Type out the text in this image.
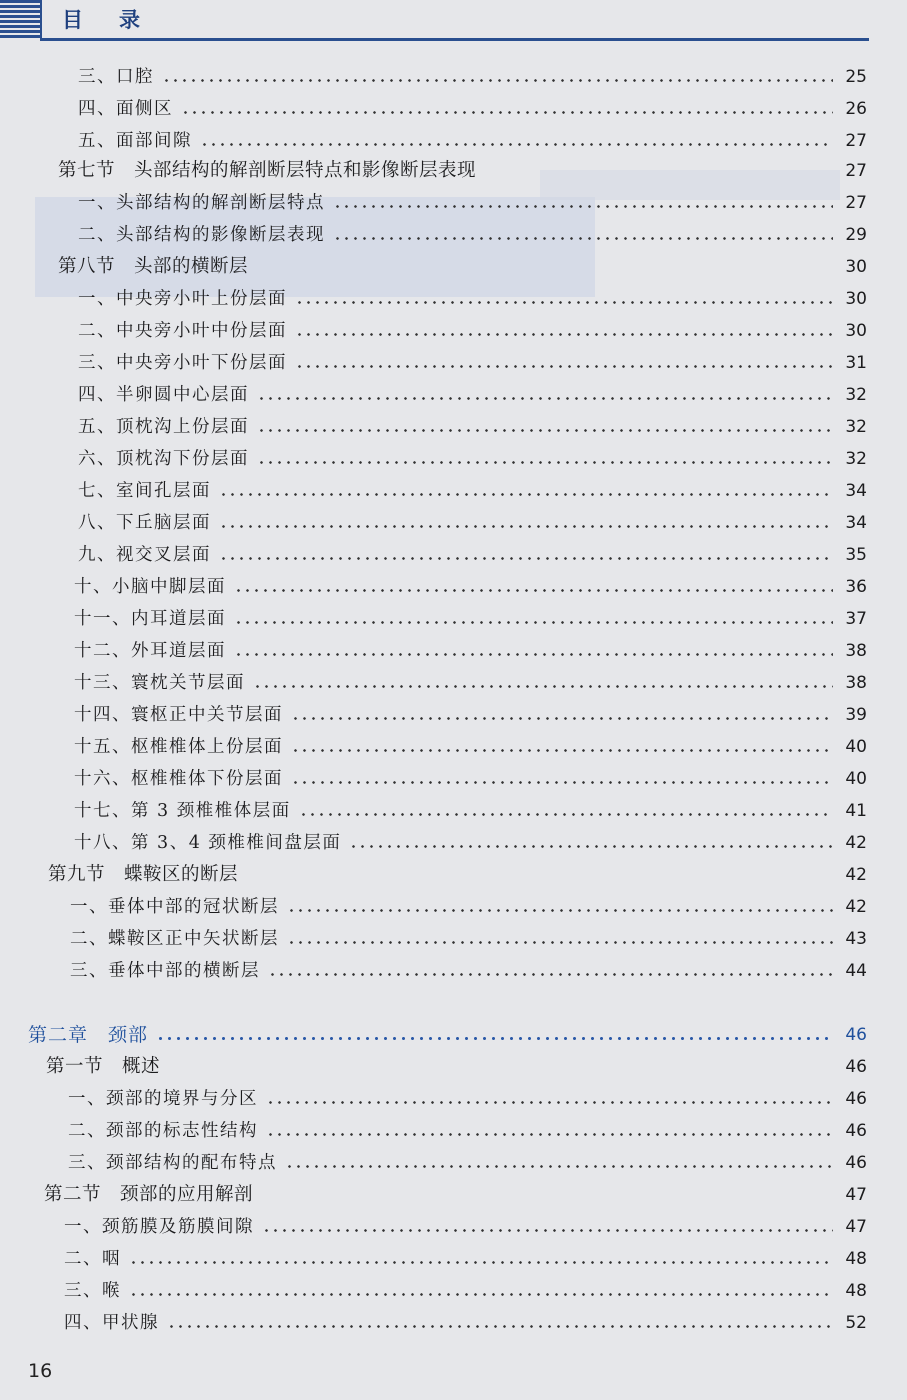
目录
三、口腔	25
四、面侧区	26
五、面部间隙	27
第七节　头部结构的解剖断层特点和影像断层表现	27
一、头部结构的解剖断层特点	27
二、头部结构的影像断层表现	29
第八节　头部的横断层	30
一、中央旁小叶上份层面	30
二、中央旁小叶中份层面	30
三、中央旁小叶下份层面	31
四、半卵圆中心层面	32
五、顶枕沟上份层面	32
六、顶枕沟下份层面	32
七、室间孔层面	34
八、下丘脑层面	34
九、视交叉层面	35
十、小脑中脚层面	36
十一、内耳道层面	37
十二、外耳道层面	38
十三、寰枕关节层面	38
十四、寰枢正中关节层面	39
十五、枢椎椎体上份层面	40
十六、枢椎椎体下份层面	40
十七、第 3 颈椎椎体层面	41
十八、第 3、4 颈椎椎间盘层面	42
第九节　蝶鞍区的断层	42
一、垂体中部的冠状断层	42
二、蝶鞍区正中矢状断层	43
三、垂体中部的横断层	44
第二章　颈部	46
第一节　概述	46
一、颈部的境界与分区	46
二、颈部的标志性结构	46
三、颈部结构的配布特点	46
第二节　颈部的应用解剖	47
一、颈筋膜及筋膜间隙	47
二、咽	48
三、喉	48
四、甲状腺	52
16
